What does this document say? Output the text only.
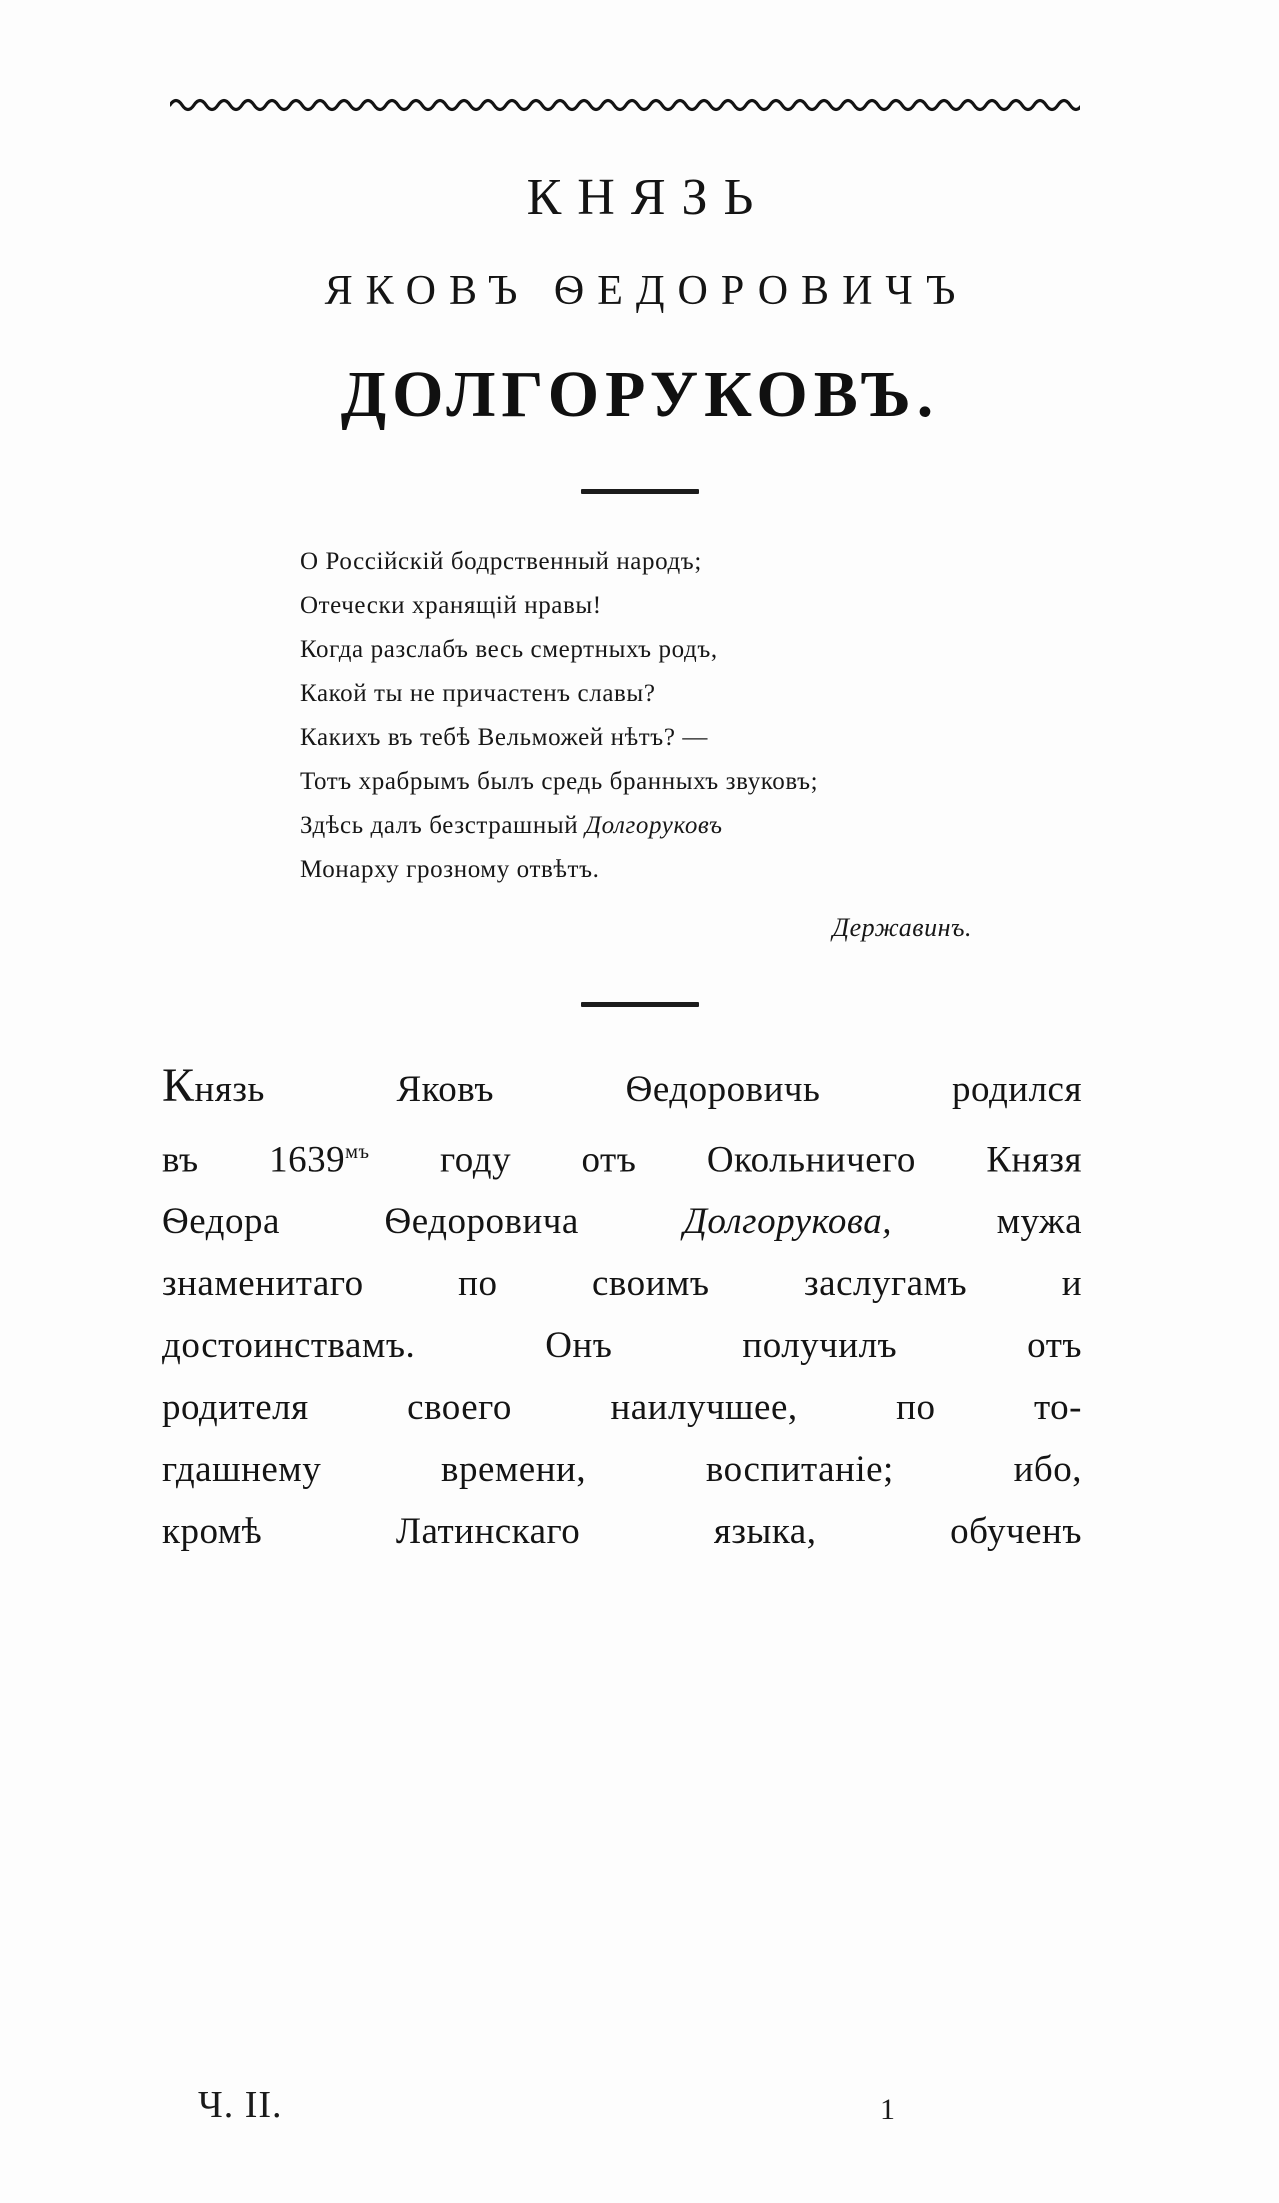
КНЯЗЬ
ЯКОВЪ ѲЕДОРОВИЧЪ
ДОЛГОРУКОВЪ.
О Россійскій бодрственный народъ;
Отечески хранящій нравы!
Когда разслабъ весь смертныхъ родъ,
Какой ты не причастенъ славы?
Какихъ въ тебѣ Вельможей нѣтъ? —
Тотъ храбрымъ былъ средь бранныхъ звуковъ;
Здѣсь далъ безстрашный Долгоруковъ
Монарху грозному отвѣтъ.
Державинъ.
Князь Яковъ Ѳедоровичь родился
въ $1639^{мъ}$ году отъ Окольничего Князя
Ѳедора Ѳедоровича Долгорукова, мужа
знаменитаго по своимъ заслугамъ и
достоинствамъ. Онъ получилъ отъ
родителя своего наилучшее, по то-
гдашнему времени, воспитаніе; ибо,
кромѣ Латинскаго языка, обученъ
Ч. II.	1
